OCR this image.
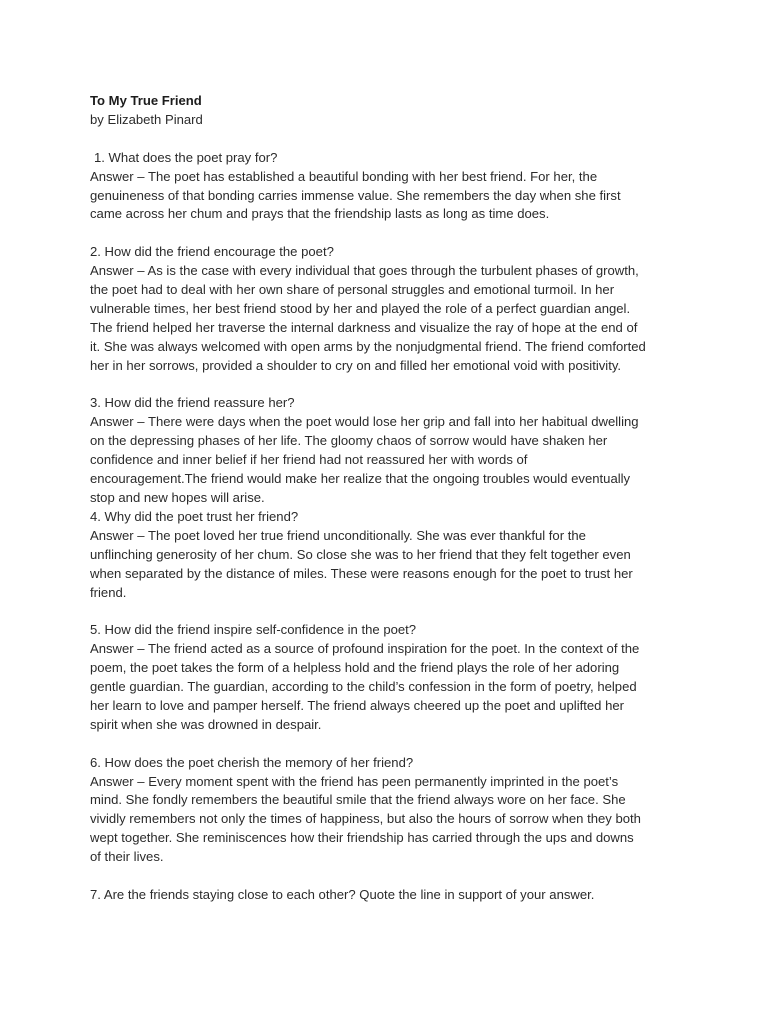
To My True Friend

by Elizabeth Pinard

1. What does the poet pray for?

Answer – The poet has established a beautiful bonding with her best friend. For her, the

genuineness of that bonding carries immense value. She remembers the day when she first

came across her chum and prays that the friendship lasts as long as time does.

2. How did the friend encourage the poet?

Answer – As is the case with every individual that goes through the turbulent phases of growth,

the poet had to deal with her own share of personal struggles and emotional turmoil. In her

vulnerable times, her best friend stood by her and played the role of a perfect guardian angel.

The friend helped her traverse the internal darkness and visualize the ray of hope at the end of

it. She was always welcomed with open arms by the nonjudgmental friend. The friend comforted

her in her sorrows, provided a shoulder to cry on and filled her emotional void with positivity.

3. How did the friend reassure her?

Answer – There were days when the poet would lose her grip and fall into her habitual dwelling

on the depressing phases of her life. The gloomy chaos of sorrow would have shaken her

confidence and inner belief if her friend had not reassured her with words of

encouragement.The friend would make her realize that the ongoing troubles would eventually

stop and new hopes will arise.

4. Why did the poet trust her friend?

Answer – The poet loved her true friend unconditionally. She was ever thankful for the

unflinching generosity of her chum. So close she was to her friend that they felt together even

when separated by the distance of miles. These were reasons enough for the poet to trust her

friend.

5. How did the friend inspire self-confidence in the poet?

Answer – The friend acted as a source of profound inspiration for the poet. In the context of the

poem, the poet takes the form of a helpless hold and the friend plays the role of her adoring

gentle guardian. The guardian, according to the child’s confession in the form of poetry, helped

her learn to love and pamper herself. The friend always cheered up the poet and uplifted her

spirit when she was drowned in despair.

6. How does the poet cherish the memory of her friend?

Answer – Every moment spent with the friend has peen permanently imprinted in the poet’s

mind. She fondly remembers the beautiful smile that the friend always wore on her face. She

vividly remembers not only the times of happiness, but also the hours of sorrow when they both

wept together. She reminiscences how their friendship has carried through the ups and downs

of their lives.

7. Are the friends staying close to each other? Quote the line in support of your answer.
